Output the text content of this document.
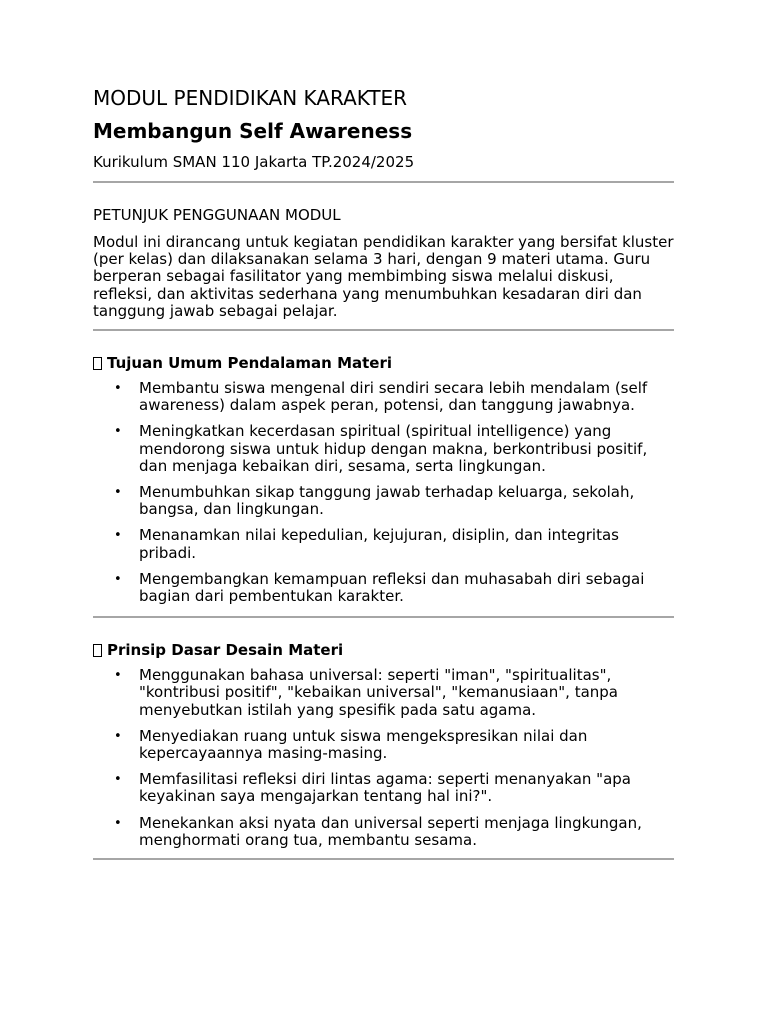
MODUL PENDIDIKAN KARAKTER
Membangun Self Awareness

Kurikulum SMAN 110 Jakarta TP.2024/2025

PETUNJUK PENGGUNAAN MODUL

Modul ini dirancang untuk kegiatan pendidikan karakter yang bersifat kluster (per kelas) dan dilaksanakan selama 3 hari, dengan 9 materi utama. Guru berperan sebagai fasilitator yang membimbing siswa melalui diskusi, refleksi, dan aktivitas sederhana yang menumbuhkan kesadaran diri dan tanggung jawab sebagai pelajar.

Tujuan Umum Pendalaman Materi

• Membantu siswa mengenal diri sendiri secara lebih mendalam (self awareness) dalam aspek peran, potensi, dan tanggung jawabnya.
• Meningkatkan kecerdasan spiritual (spiritual intelligence) yang mendorong siswa untuk hidup dengan makna, berkontribusi positif, dan menjaga kebaikan diri, sesama, serta lingkungan.
• Menumbuhkan sikap tanggung jawab terhadap keluarga, sekolah, bangsa, dan lingkungan.
• Menanamkan nilai kepedulian, kejujuran, disiplin, dan integritas pribadi.
• Mengembangkan kemampuan refleksi dan muhasabah diri sebagai bagian dari pembentukan karakter.

Prinsip Dasar Desain Materi

• Menggunakan bahasa universal: seperti "iman", "spiritualitas", "kontribusi positif", "kebaikan universal", "kemanusiaan", tanpa menyebutkan istilah yang spesifik pada satu agama.
• Menyediakan ruang untuk siswa mengekspresikan nilai dan kepercayaannya masing-masing.
• Memfasilitasi refleksi diri lintas agama: seperti menanyakan "apa keyakinan saya mengajarkan tentang hal ini?".
• Menekankan aksi nyata dan universal seperti menjaga lingkungan, menghormati orang tua, membantu sesama.
